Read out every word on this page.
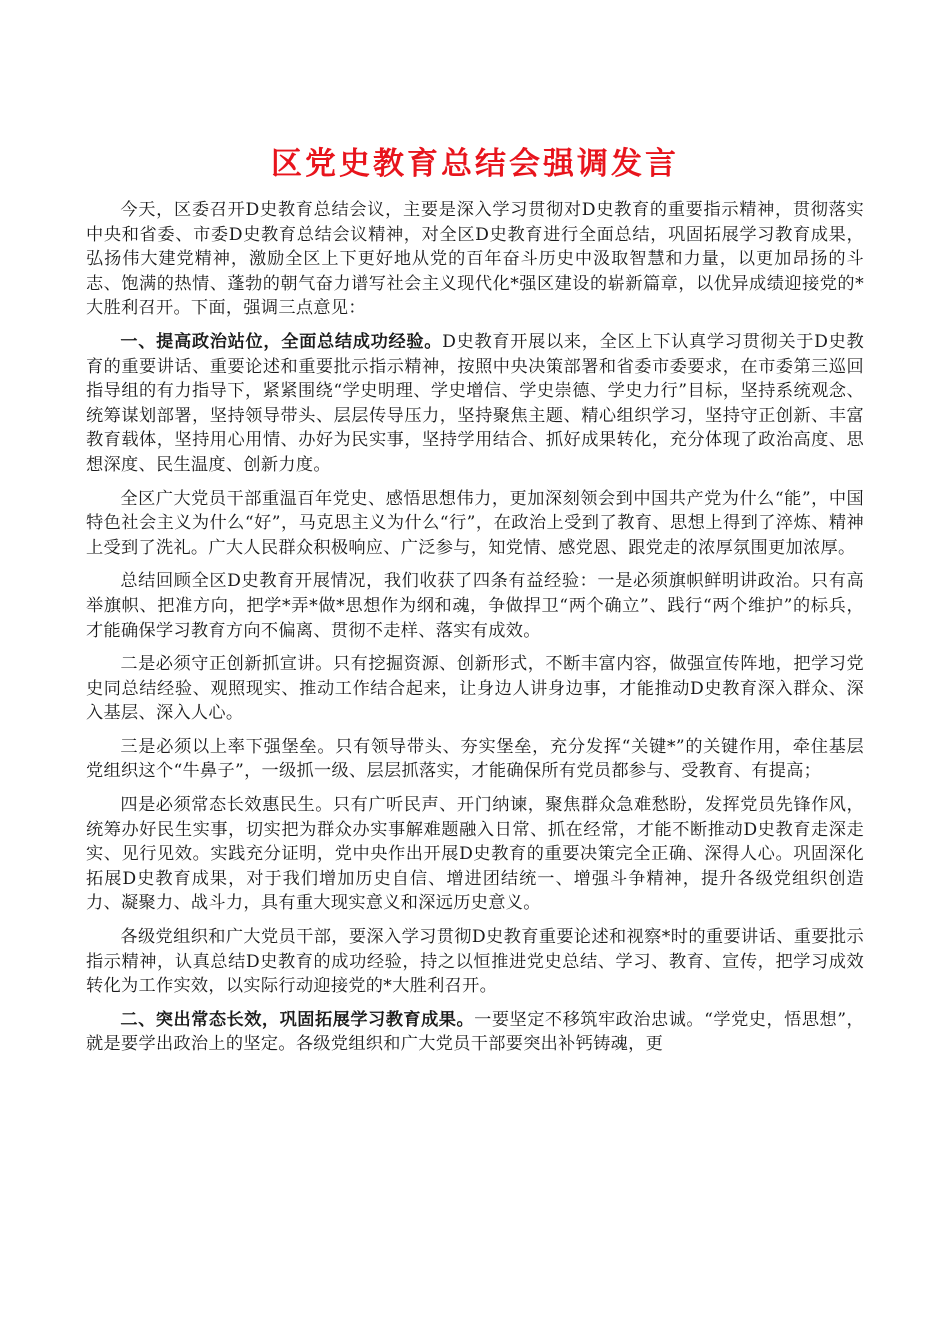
区党史教育总结会强调发言

今天，区委召开D史教育总结会议，主要是深入学习贯彻对D史教育的重要指示精神，贯彻落实中央和省委、市委D史教育总结会议精神，对全区D史教育进行全面总结，巩固拓展学习教育成果，弘扬伟大建党精神，激励全区上下更好地从党的百年奋斗历史中汲取智慧和力量，以更加昂扬的斗志、饱满的热情、蓬勃的朝气奋力谱写社会主义现代化*强区建设的崭新篇章，以优异成绩迎接党的*大胜利召开。下面，强调三点意见：

一、提高政治站位，全面总结成功经验。D史教育开展以来，全区上下认真学习贯彻关于D史教育的重要讲话、重要论述和重要批示指示精神，按照中央决策部署和省委市委要求，在市委第三巡回指导组的有力指导下，紧紧围绕“学史明理、学史增信、学史崇德、学史力行”目标，坚持系统观念、统筹谋划部署，坚持领导带头、层层传导压力，坚持聚焦主题、精心组织学习，坚持守正创新、丰富教育载体，坚持用心用情、办好为民实事，坚持学用结合、抓好成果转化，充分体现了政治高度、思想深度、民生温度、创新力度。

全区广大党员干部重温百年党史、感悟思想伟力，更加深刻领会到中国共产党为什么“能”，中国特色社会主义为什么“好”，马克思主义为什么“行”，在政治上受到了教育、思想上得到了淬炼、精神上受到了洗礼。广大人民群众积极响应、广泛参与，知党情、感党恩、跟党走的浓厚氛围更加浓厚。

总结回顾全区D史教育开展情况，我们收获了四条有益经验：一是必须旗帜鲜明讲政治。只有高举旗帜、把准方向，把学*弄*做*思想作为纲和魂，争做捍卫“两个确立”、践行“两个维护”的标兵，才能确保学习教育方向不偏离、贯彻不走样、落实有成效。

二是必须守正创新抓宣讲。只有挖掘资源、创新形式，不断丰富内容，做强宣传阵地，把学习党史同总结经验、观照现实、推动工作结合起来，让身边人讲身边事，才能推动D史教育深入群众、深入基层、深入人心。

三是必须以上率下强堡垒。只有领导带头、夯实堡垒，充分发挥“关键*”的关键作用，牵住基层党组织这个“牛鼻子”，一级抓一级、层层抓落实，才能确保所有党员都参与、受教育、有提高；

四是必须常态长效惠民生。只有广听民声、开门纳谏，聚焦群众急难愁盼，发挥党员先锋作风，统筹办好民生实事，切实把为群众办实事解难题融入日常、抓在经常，才能不断推动D史教育走深走实、见行见效。实践充分证明，党中央作出开展D史教育的重要决策完全正确、深得人心。巩固深化拓展D史教育成果，对于我们增加历史自信、增进团结统一、增强斗争精神，提升各级党组织创造力、凝聚力、战斗力，具有重大现实意义和深远历史意义。

各级党组织和广大党员干部，要深入学习贯彻D史教育重要论述和视察*时的重要讲话、重要批示指示精神，认真总结D史教育的成功经验，持之以恒推进党史总结、学习、教育、宣传，把学习成效转化为工作实效，以实际行动迎接党的*大胜利召开。

二、突出常态长效，巩固拓展学习教育成果。一要坚定不移筑牢政治忠诚。“学党史，悟思想”，就是要学出政治上的坚定。各级党组织和广大党员干部要突出补钙铸魂，更
